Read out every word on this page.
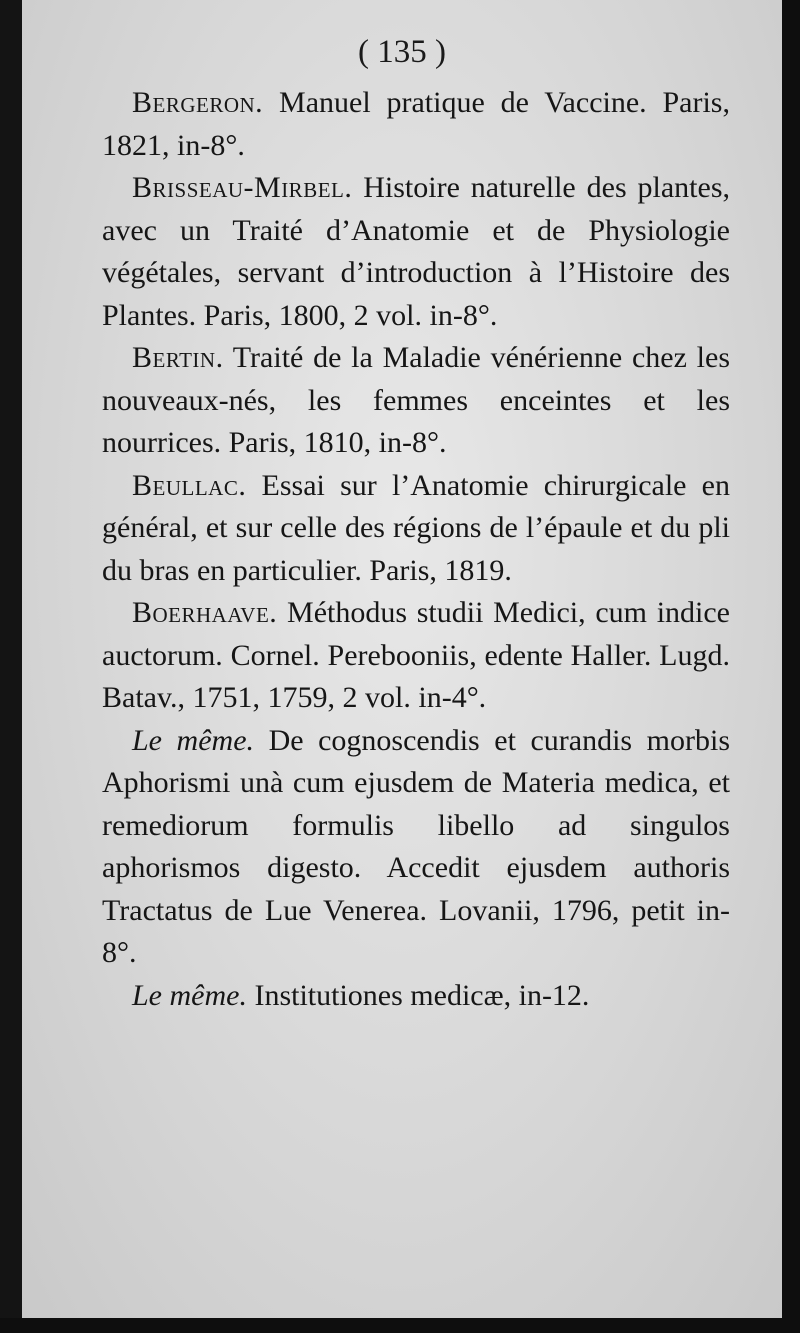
( 135 )

Bergeron. Manuel pratique de Vaccine. Paris, 1821, in-8°.

Brisseau-Mirbel. Histoire naturelle des plantes, avec un Traité d’Anatomie et de Physiologie végétales, servant d’introduction à l’Histoire des Plantes. Paris, 1800, 2 vol. in-8°.

Bertin. Traité de la Maladie vénérienne chez les nouveaux-nés, les femmes enceintes et les nourrices. Paris, 1810, in-8°.

Beullac. Essai sur l’Anatomie chirurgicale en général, et sur celle des régions de l’épaule et du pli du bras en particulier. Paris, 1819.

Boerhaave. Méthodus studii Medici, cum indice auctorum. Cornel. Perebooniis, edente Haller. Lugd. Batav., 1751, 1759, 2 vol. in-4°.

Le même. De cognoscendis et curandis morbis Aphorismi unà cum ejusdem de Materia medica, et remediorum formulis libello ad singulos aphorismos digesto. Accedit ejusdem authoris Tractatus de Lue Venerea. Lovanii, 1796, petit in-8°.

Le même. Institutiones medicæ, in-12.
